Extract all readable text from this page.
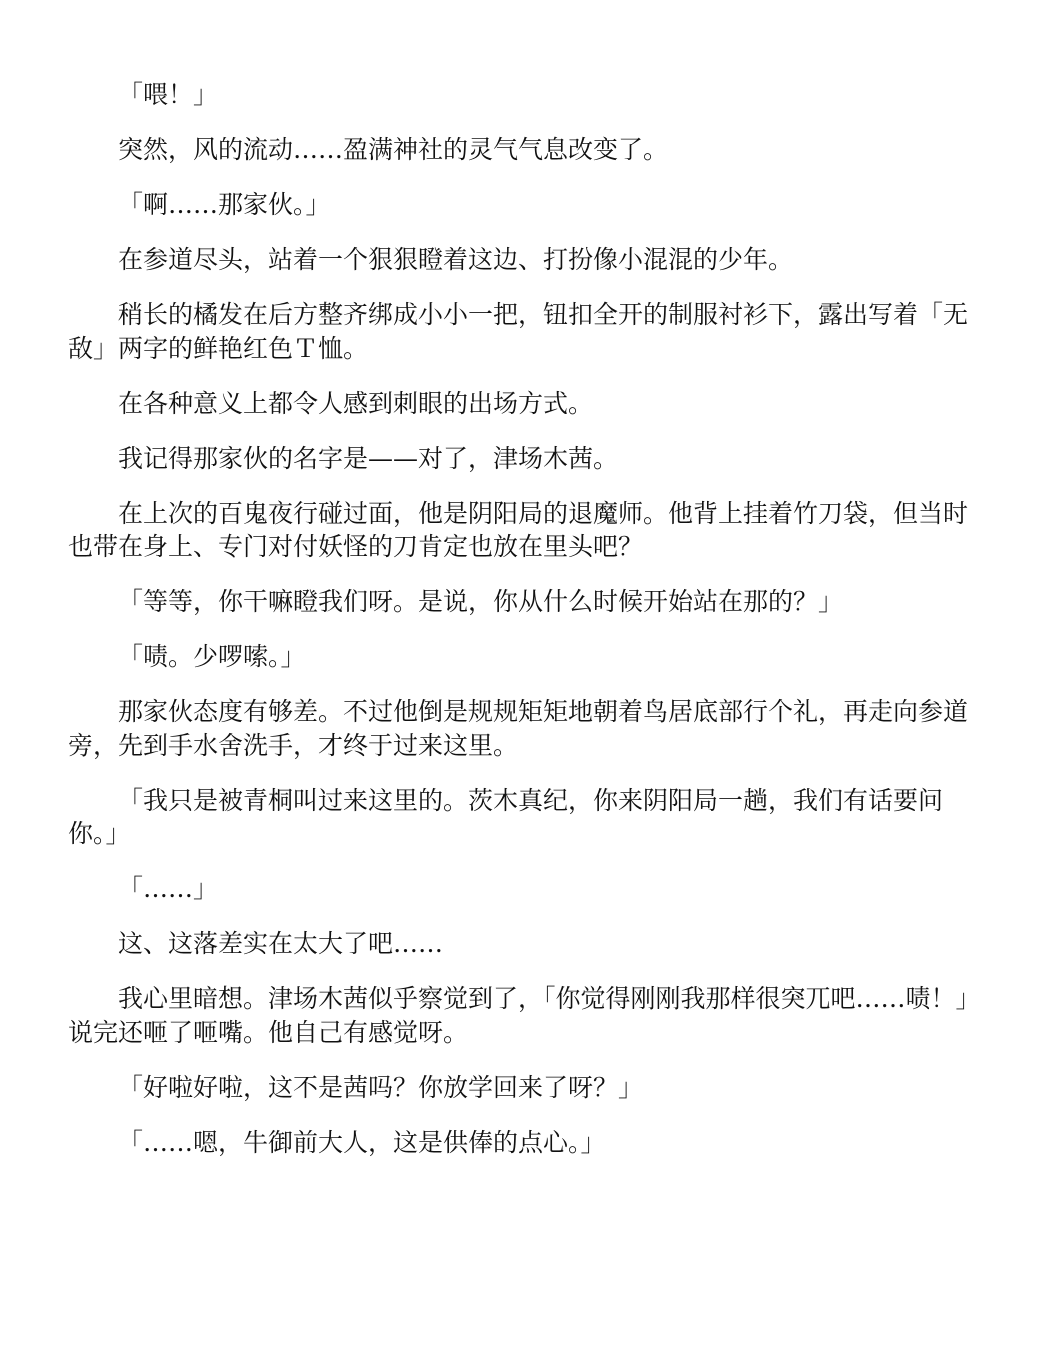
「喂！」

突然，风的流动……盈满神社的灵气气息改变了。

「啊……那家伙。」

在参道尽头，站着一个狠狠瞪着这边、打扮像小混混的少年。

稍长的橘发在后方整齐绑成小小一把，钮扣全开的制服衬衫下，露出写着「无敌」两字的鲜艳红色Ｔ恤。

在各种意义上都令人感到刺眼的出场方式。

我记得那家伙的名字是——对了，津场木茜。

在上次的百鬼夜行碰过面，他是阴阳局的退魔师。他背上挂着竹刀袋，但当时也带在身上、专门对付妖怪的刀肯定也放在里头吧？

「等等，你干嘛瞪我们呀。是说，你从什么时候开始站在那的？」

「啧。少啰嗦。」

那家伙态度有够差。不过他倒是规规矩矩地朝着鸟居底部行个礼，再走向参道旁，先到手水舍洗手，才终于过来这里。

「我只是被青桐叫过来这里的。茨木真纪，你来阴阳局一趟，我们有话要问你。」

「……」

这、这落差实在太大了吧……

我心里暗想。津场木茜似乎察觉到了，「你觉得刚刚我那样很突兀吧……啧！」说完还咂了咂嘴。他自己有感觉呀。

「好啦好啦，这不是茜吗？你放学回来了呀？」

「……嗯，牛御前大人，这是供俸的点心。」
